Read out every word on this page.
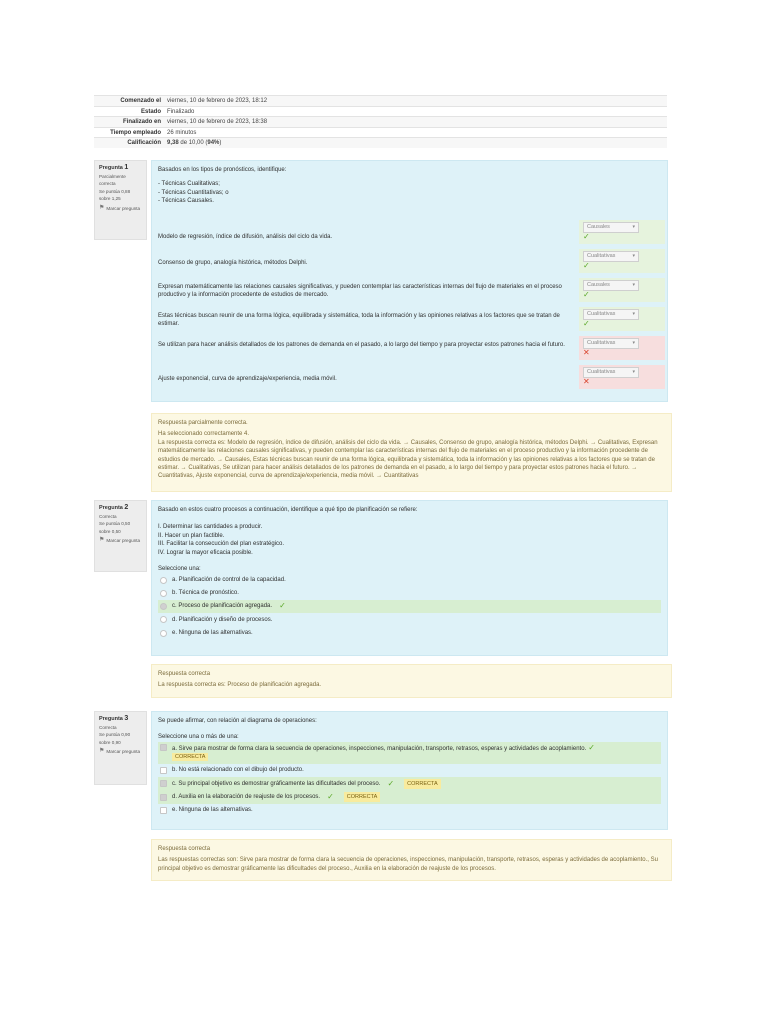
Comenzado el	viernes, 10 de febrero de 2023, 18:12
Estado	Finalizado
Finalizado en	viernes, 10 de febrero de 2023, 18:38
Tiempo empleado	26 minutos
Calificación	9,38 de 10,00 (94%)
Pregunta 1
Parcialmente correcta
Se puntúa 0,88 sobre 1,25
⚑ Marcar pregunta
Basados en los tipos de pronósticos, identifique:
- Técnicas Cualitativas;
- Técnicas Cuantitativas; o
- Técnicas Causales.
Modelo de regresión, índice de difusión, análisis del ciclo da vida.
Causales	▾
✓
Consenso de grupo, analogía histórica, métodos Delphi.
Cualitativas	▾
✓
Expresan matemáticamente las relaciones causales significativas, y pueden contemplar las características internas del flujo de materiales en el proceso productivo y la información procedente de estudios de mercado.
Causales	▾
✓
Estas técnicas buscan reunir de una forma lógica, equilibrada y sistemática, toda la información y las opiniones relativas a los factores que se tratan de estimar.
Cualitativas	▾
✓
Se utilizan para hacer análisis detallados de los patrones de demanda en el pasado, a lo largo del tiempo y para proyectar estos patrones hacia el futuro.	Cualitativas	▾
✕
Ajuste exponencial, curva de aprendizaje/experiencia, media móvil.
Cualitativas	▾
✕
Respuesta parcialmente correcta.
Ha seleccionado correctamente 4.
La respuesta correcta es: Modelo de regresión, índice de difusión, análisis del ciclo da vida. → Causales, Consenso de grupo, analogía histórica, métodos Delphi. → Cualitativas, Expresan matemáticamente las relaciones causales significativas, y pueden contemplar las características internas del flujo de materiales en el proceso productivo y la información procedente de estudios de mercado. → Causales, Estas técnicas buscan reunir de una forma lógica, equilibrada y sistemática, toda la información y las opiniones relativas a los factores que se tratan de estimar. → Cualitativas, Se utilizan para hacer análisis detallados de los patrones de demanda en el pasado, a lo largo del tiempo y para proyectar estos patrones hacia el futuro. → Cuantitativas, Ajuste exponencial, curva de aprendizaje/experiencia, media móvil. → Cuantitativas
Pregunta 2
Correcta
Se puntúa 0,50 sobre 0,50
⚑ Marcar pregunta
Basado en estos cuatro procesos a continuación, identifique a qué tipo de planificación se refiere:
I. Determinar las cantidades a producir.
II. Hacer un plan factible.
III. Facilitar la consecución del plan estratégico.
IV. Lograr la mayor eficacia posible.
Seleccione una:
a. Planificación de control de la capacidad.
b. Técnica de pronóstico.
c. Proceso de planificación agregada. ✓
d. Planificación y diseño de procesos.
e. Ninguna de las alternativas.
Respuesta correcta
La respuesta correcta es: Proceso de planificación agregada.
Pregunta 3
Correcta
Se puntúa 0,90 sobre 0,90
⚑ Marcar pregunta
Se puede afirmar, con relación al diagrama de operaciones:
Seleccione una o más de una:
a. Sirve para mostrar de forma clara la secuencia de operaciones, inspecciones, manipulación, transporte, retrasos, esperas y actividades de acoplamiento. ✓
CORRECTA
b. No está relacionado con el dibujo del producto.
c. Su principal objetivo es demostrar gráficamente las dificultades del proceso. ✓	CORRECTA
d. Auxilia en la elaboración de reajuste de los procesos. ✓	CORRECTA
e. Ninguna de las alternativas.
Respuesta correcta
Las respuestas correctas son: Sirve para mostrar de forma clara la secuencia de operaciones, inspecciones, manipulación, transporte, retrasos, esperas y actividades de acoplamiento., Su principal objetivo es demostrar gráficamente las dificultades del proceso., Auxilia en la elaboración de reajuste de los procesos.
